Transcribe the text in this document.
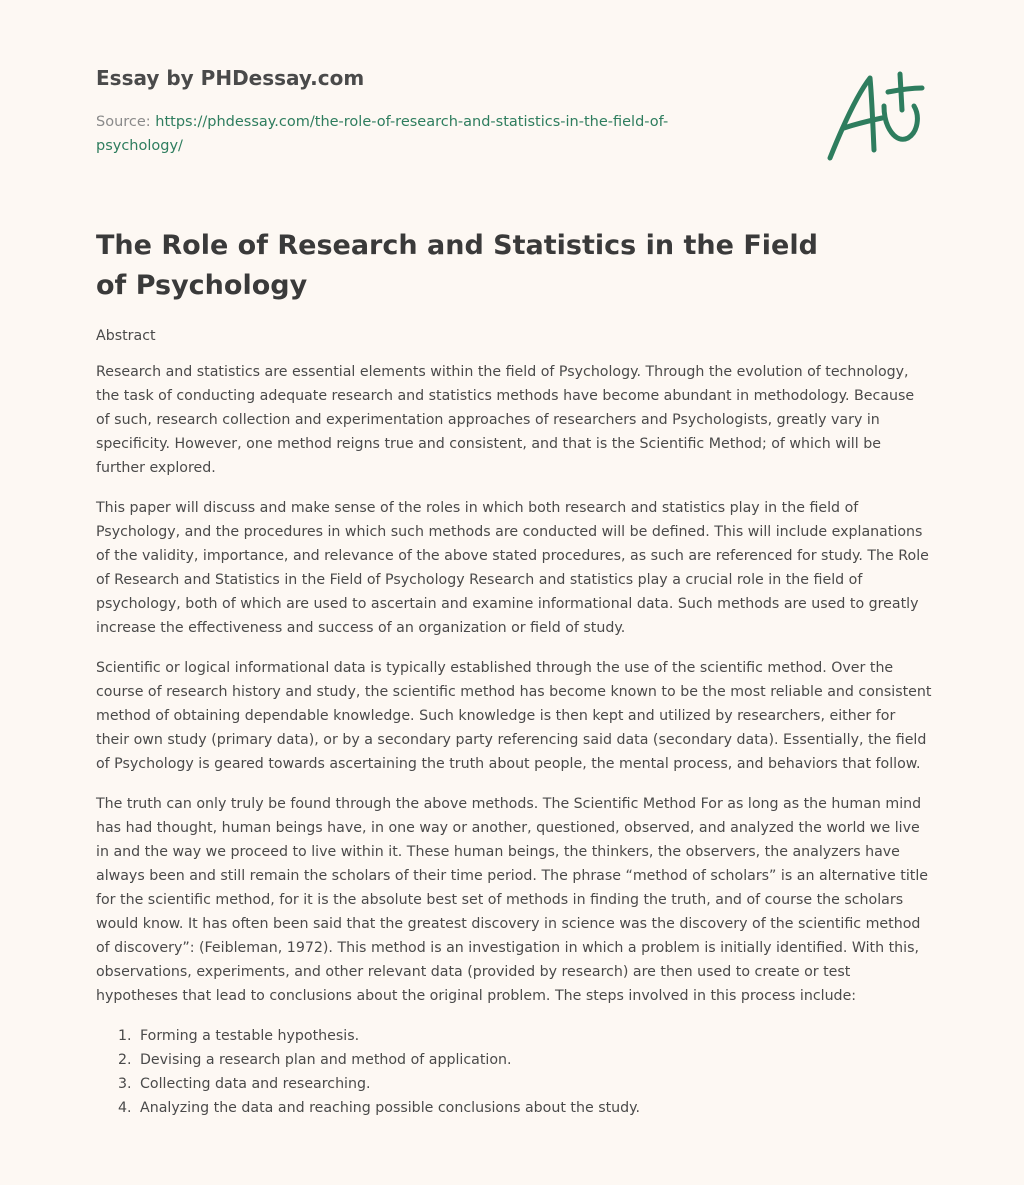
Essay by PHDessay.com
Source: https://phdessay.com/the-role-of-research-and-statistics-in-the-field-of-psychology/
The Role of Research and Statistics in the Field of Psychology

Abstract

Research and statistics are essential elements within the field of Psychology. Through the evolution of technology, the task of conducting adequate research and statistics methods have become abundant in methodology. Because of such, research collection and experimentation approaches of researchers and Psychologists, greatly vary in specificity. However, one method reigns true and consistent, and that is the Scientific Method; of which will be further explored.

This paper will discuss and make sense of the roles in which both research and statistics play in the field of Psychology, and the procedures in which such methods are conducted will be defined. This will include explanations of the validity, importance, and relevance of the above stated procedures, as such are referenced for study. The Role of Research and Statistics in the Field of Psychology Research and statistics play a crucial role in the field of psychology, both of which are used to ascertain and examine informational data. Such methods are used to greatly increase the effectiveness and success of an organization or field of study.

Scientific or logical informational data is typically established through the use of the scientific method. Over the course of research history and study, the scientific method has become known to be the most reliable and consistent method of obtaining dependable knowledge. Such knowledge is then kept and utilized by researchers, either for their own study (primary data), or by a secondary party referencing said data (secondary data). Essentially, the field of Psychology is geared towards ascertaining the truth about people, the mental process, and behaviors that follow.

The truth can only truly be found through the above methods. The Scientific Method For as long as the human mind has had thought, human beings have, in one way or another, questioned, observed, and analyzed the world we live in and the way we proceed to live within it. These human beings, the thinkers, the observers, the analyzers have always been and still remain the scholars of their time period. The phrase “method of scholars” is an alternative title for the scientific method, for it is the absolute best set of methods in finding the truth, and of course the scholars would know. It has often been said that the greatest discovery in science was the discovery of the scientific method of discovery”: (Feibleman, 1972). This method is an investigation in which a problem is initially identified. With this, observations, experiments, and other relevant data (provided by research) are then used to create or test hypotheses that lead to conclusions about the original problem. The steps involved in this process include:

1. Forming a testable hypothesis.
2. Devising a research plan and method of application.
3. Collecting data and researching.
4. Analyzing the data and reaching possible conclusions about the study.
